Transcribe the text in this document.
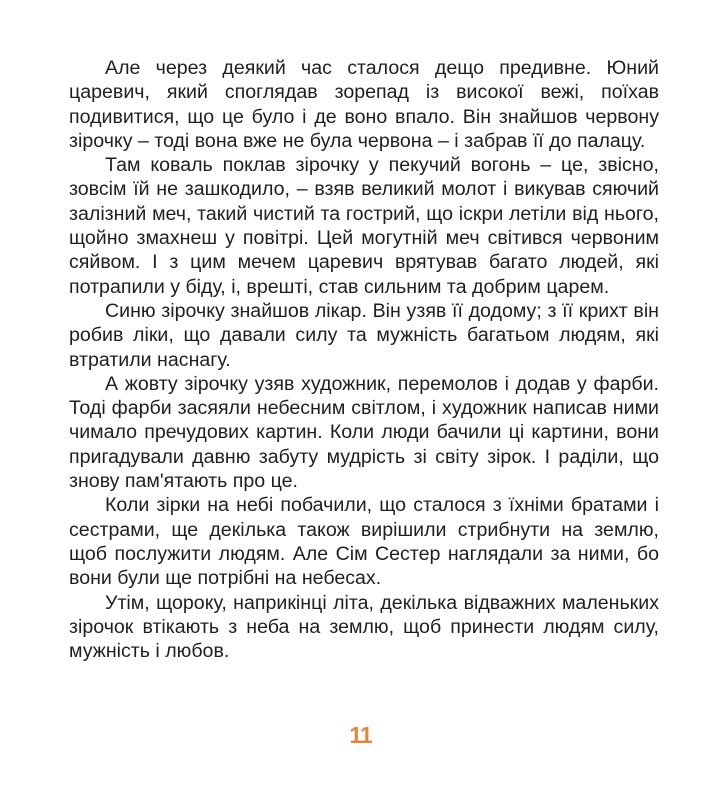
Але через деякий час сталося дещо предивне. Юний царевич, який споглядав зорепад із високої вежі, поїхав подивитися, що це було і де воно впало. Він знайшов червону зірочку – тоді вона вже не була червона – і забрав її до палацу.

Там коваль поклав зірочку у пекучий вогонь – це, звісно, зовсім їй не зашкодило, – взяв великий молот і викував сяючий залізний меч, такий чистий та гострий, що іскри летіли від нього, щойно змахнеш у повітрі. Цей могутній меч світився червоним сяйвом. І з цим мечем царевич врятував багато людей, які потрапили у біду, і, врешті, став сильним та добрим царем.

Синю зірочку знайшов лікар. Він узяв її додому; з її крихт він робив ліки, що давали силу та мужність багатьом людям, які втратили наснагу.

А жовту зірочку узяв художник, перемолов і додав у фарби. Тоді фарби засяяли небесним світлом, і художник написав ними чимало пречудових картин. Коли люди бачили ці картини, вони пригадували давню забуту мудрість зі світу зірок. І раділи, що знову пам'ятають про це.

Коли зірки на небі побачили, що сталося з їхніми братами і сестрами, ще декілька також вирішили стрибнути на землю, щоб послужити людям. Але Сім Сестер наглядали за ними, бо вони були ще потрібні на небесах.

Утім, щороку, наприкінці літа, декілька відважних маленьких зірочок втікають з неба на землю, щоб принести людям силу, мужність і любов.

11
